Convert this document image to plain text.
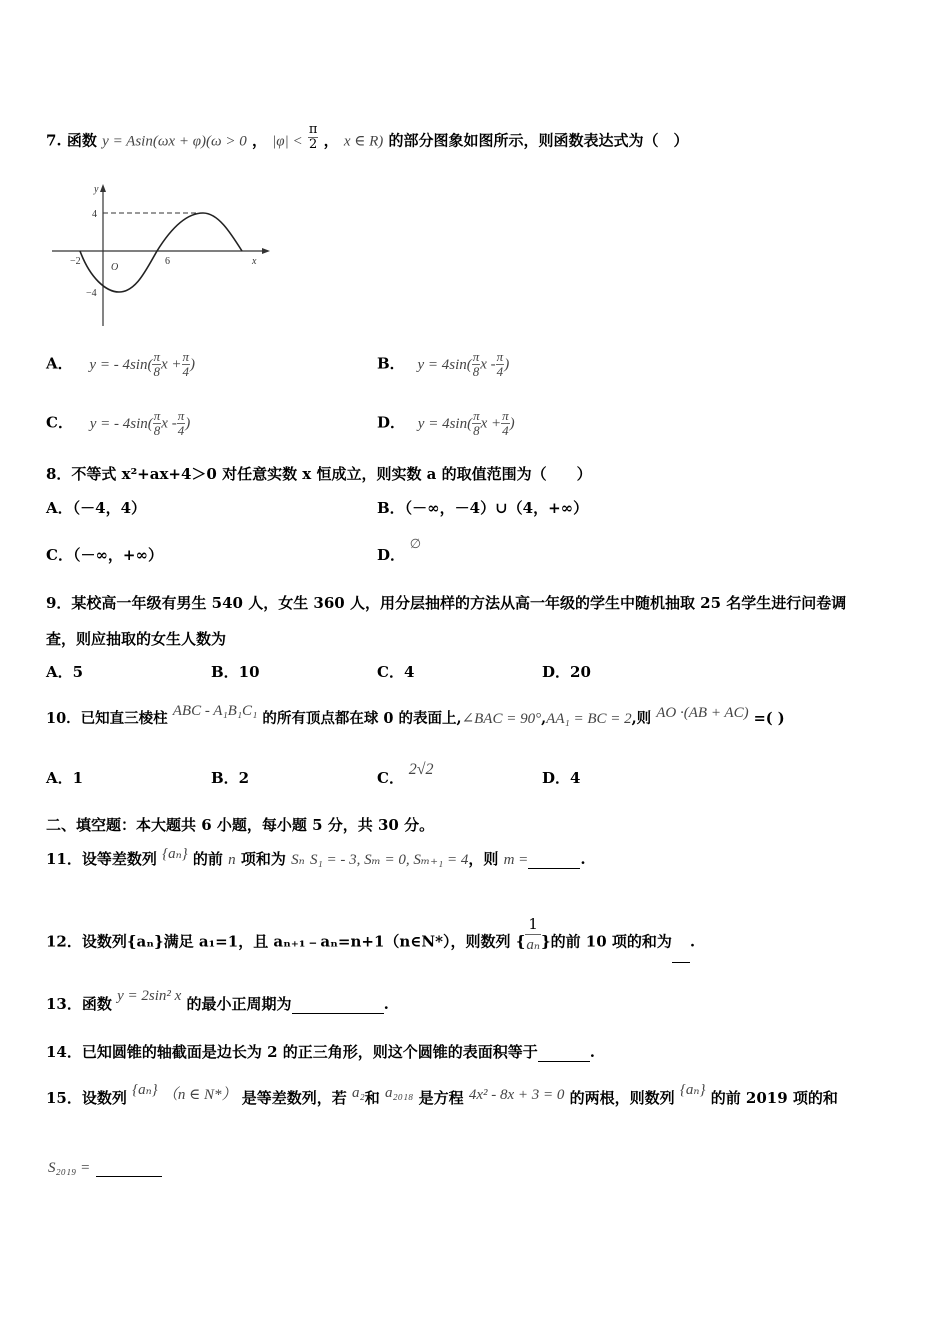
7. 函数 y = Asin(ωx + φ)(ω > 0 ， $|\varphi| < \frac{\pi}{2}$ ， x ∈ R) 的部分图象如图所示，则函数表达式为（　）
y
x
4
−4
−2
O
6
A． y = - $4\sin( \frac{\pi}{8}$ $x + \frac{\pi}{4}$ )	B． $y = 4\sin( \frac{\pi}{8}$ x - $\frac{\pi}{4}$ )
C． y = - $4\sin( \frac{\pi}{8}$ x - $\frac{\pi}{4}$ )	D． $y = 4\sin( \frac{\pi}{8}$ $x + \frac{\pi}{4}$ )
8．不等式 x²+ax+4＞0 对任意实数 x 恒成立，则实数 a 的取值范围为（　　）
A．（－4，4）	B．（－∞，－4）∪（4，+∞）
C．（－∞，+∞）	D． ∅
9．某校高一年级有男生 540 人，女生 360 人，用分层抽样的方法从高一年级的学生中随机抽取 25 名学生进行问卷调
查，则应抽取的女生人数为
A．5	B．10	C．4	D．20
10．已知直三棱柱 ABC - A₁B₁C₁ 的所有顶点都在球 0 的表面上,∠BAC = 90°,AA₁ = BC = 2,则 AO ·(AB + AC) =( )
A．1	B．2	C． 2√2	D．4
二、填空题：本大题共 6 小题，每小题 5 分，共 30 分。
11．设等差数列 {aₙ} 的前 n 项和为 Sₙ S₁ = - 3, Sₘ = 0, Sₘ₊₁ = 4，则 m =	.
12．设数列{aₙ}满足 a₁=1，且 aₙ₊₁﹣aₙ=n+1（n∈N*），则数列 { $\frac{1}{\text{aₙ}}$ }的前 10 项的和为 .
13．函数 y = 2sin² x 的最小正周期为	.
14．已知圆锥的轴截面是边长为 2 的正三角形，则这个圆锥的表面积等于	.
15．设数列 {aₙ} （n ∈ N*） 是等差数列，若 a₂和 a₂₀₁₈ 是方程 4x² - 8x + 3 = 0 的两根，则数列 {aₙ} 的前 2019 项的和
S₂₀₁₉ =
